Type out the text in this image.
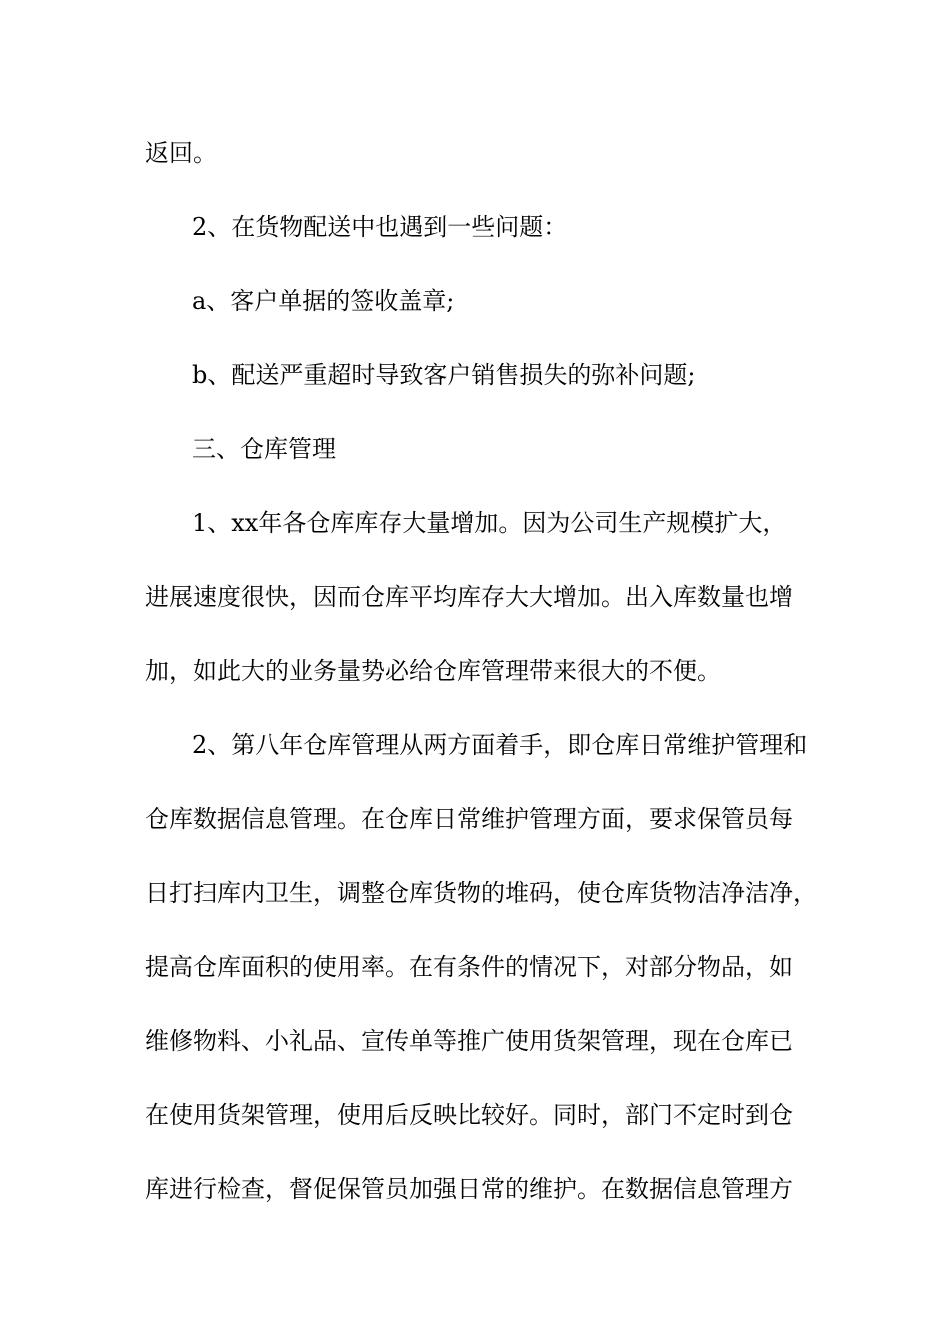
返回。
2、在货物配送中也遇到一些问题：
a、客户单据的签收盖章;
b、配送严重超时导致客户销售损失的弥补问题;
三、仓库管理
1、xx年各仓库库存大量增加。因为公司生产规模扩大，
进展速度很快，因而仓库平均库存大大增加。出入库数量也增
加，如此大的业务量势必给仓库管理带来很大的不便。
2、第八年仓库管理从两方面着手，即仓库日常维护管理和
仓库数据信息管理。在仓库日常维护管理方面，要求保管员每
日打扫库内卫生，调整仓库货物的堆码，使仓库货物洁净洁净，
提高仓库面积的使用率。在有条件的情况下，对部分物品，如
维修物料、小礼品、宣传单等推广使用货架管理，现在仓库已
在使用货架管理，使用后反映比较好。同时，部门不定时到仓
库进行检查，督促保管员加强日常的维护。在数据信息管理方
